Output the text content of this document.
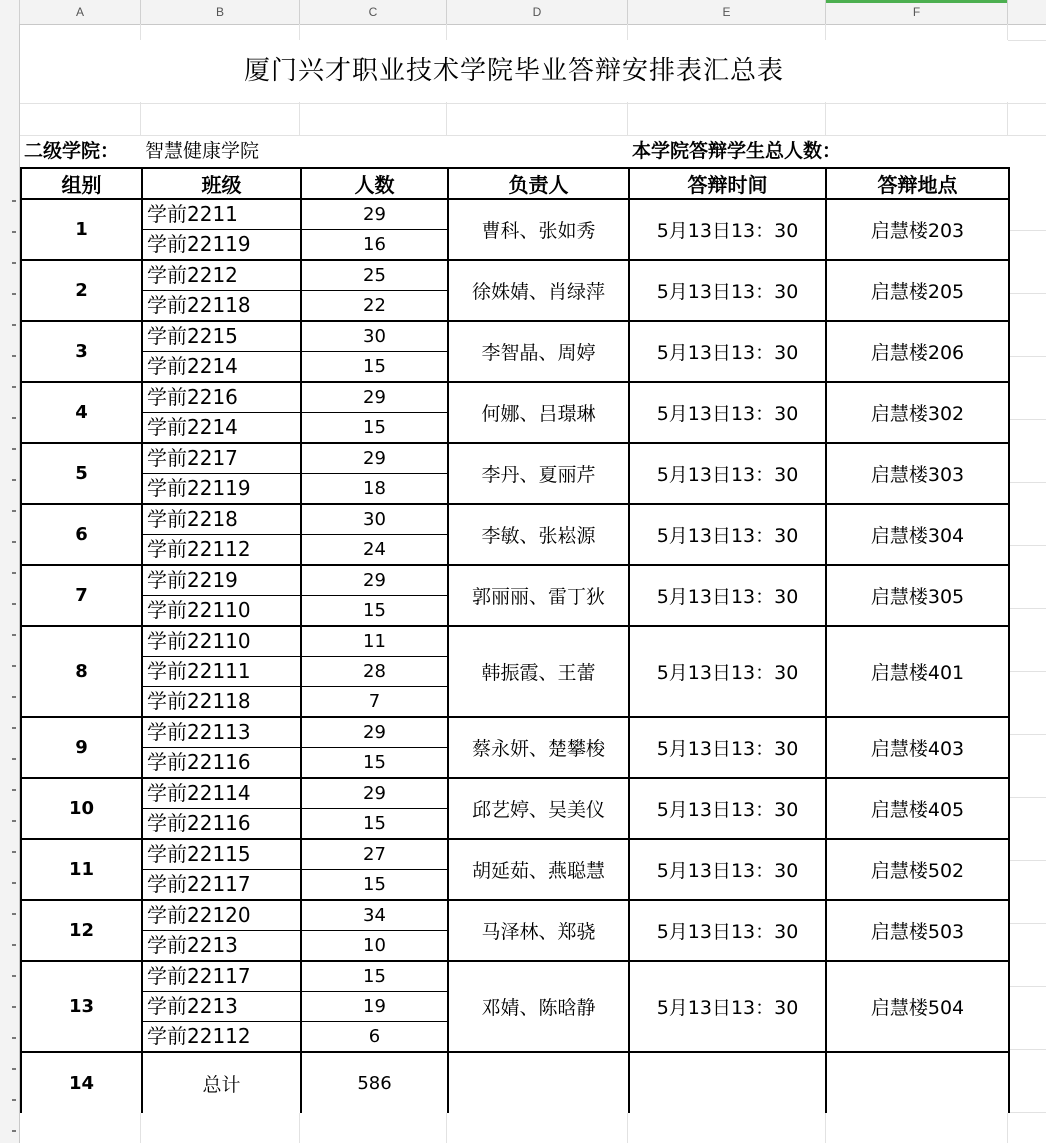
A	B	C	D	E	F
厦门兴才职业技术学院毕业答辩安排表汇总表
二级学院： 智慧健康学院	本学院答辩学生总人数：
组别	班级	人数	负责人	答辩时间	答辩地点
1	学前2211	29	曹科、张如秀	5月13日13：30	启慧楼203
	学前22119	16			
2	学前2212	25	徐姝婧、肖绿萍	5月13日13：30	启慧楼205
	学前22118	22			
3	学前2215	30	李智晶、周婷	5月13日13：30	启慧楼206
	学前2214	15			
4	学前2216	29	何娜、吕璟琳	5月13日13：30	启慧楼302
	学前2214	15			
5	学前2217	29	李丹、夏丽芹	5月13日13：30	启慧楼303
	学前22119	18			
6	学前2218	30	李敏、张崧源	5月13日13：30	启慧楼304
	学前22112	24			
7	学前2219	29	郭丽丽、雷丁狄	5月13日13：30	启慧楼305
	学前22110	15			
8	学前22110	11	韩振霞、王蕾	5月13日13：30	启慧楼401
	学前22111	28			
	学前22118	7			
9	学前22113	29	蔡永妍、楚攀梭	5月13日13：30	启慧楼403
	学前22116	15			
10	学前22114	29	邱艺婷、吴美仪	5月13日13：30	启慧楼405
	学前22116	15			
11	学前22115	27	胡延茹、燕聪慧	5月13日13：30	启慧楼502
	学前22117	15			
12	学前22120	34	马泽林、郑骁	5月13日13：30	启慧楼503
	学前2213	10			
13	学前22117	15	邓婧、陈晗静	5月13日13：30	启慧楼504
	学前2213	19			
	学前22112	6			
14	总计	586			
